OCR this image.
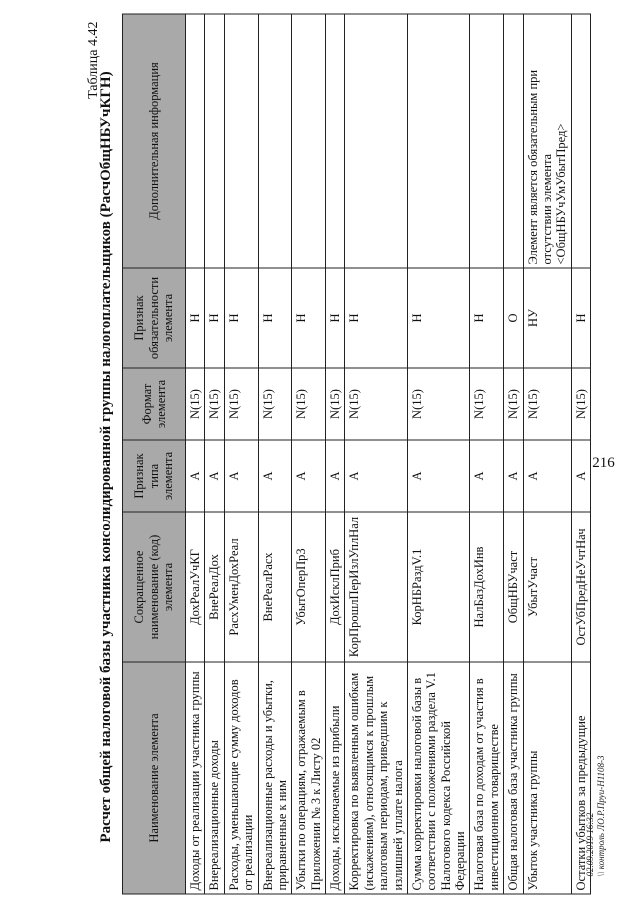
216
Таблица 4.42
Расчет общей налоговой базы участника консолидированной группы налогоплательщиков (РасчОбщНБУчКГН)	Наименование элемента	Сокращенное наименование (код) элемента	Признак типа элемента	Формат элемента	Признак обязательности элемента	Дополнительная информация
Доходы от реализации участника группы	ДохРеалУчКГ	А	N(15)	Н	
Внереализационные доходы	ВнеРеалДох	А	N(15)	Н	
Расходы, уменьшающие сумму доходов от реализации	РасхУменДохРеал	А	N(15)	Н	
Внереализационные расходы и убытки, приравненные к ним	ВнеРеалРасх	А	N(15)	Н	
Убытки по операциям, отражаемым в Приложении № 3 к Листу 02	УбытОперПр3	А	N(15)	Н	
Доходы, исключаемые из прибыли	ДохИсклПриб	А	N(15)	Н	
Корректировка по выявленным ошибкам (искажениям), относящимся к прошлым налоговым периодам, приведшим к излишней уплате налога	КорПрошлПерИзлУплНал	А	N(15)	Н	
Сумма корректировки налоговой базы в соответствии с положениями раздела V.1 Налогового кодекса Российской Федерации	КорНБРаздV.1	А	N(15)	Н	
Налоговая база по доходам от участия в инвестиционном товариществе	НалБазДохИнв	А	N(15)	Н	
Общая налоговая база участника группы	ОбщНБУчаст	А	N(15)	О	
Убыток участника группы	УбытУчаст	А	N(15)	НУ	Элемент является обязательным при отсутствии элемента <ОбщНБУчУмУбытПред>
Остатки убытков за предыдущие	ОстУбПредНеУчтНач	А	N(15)	Н	
02.09.2019 16:32 \\ контроль ЛО.Р.Пруи-Н1108-3
